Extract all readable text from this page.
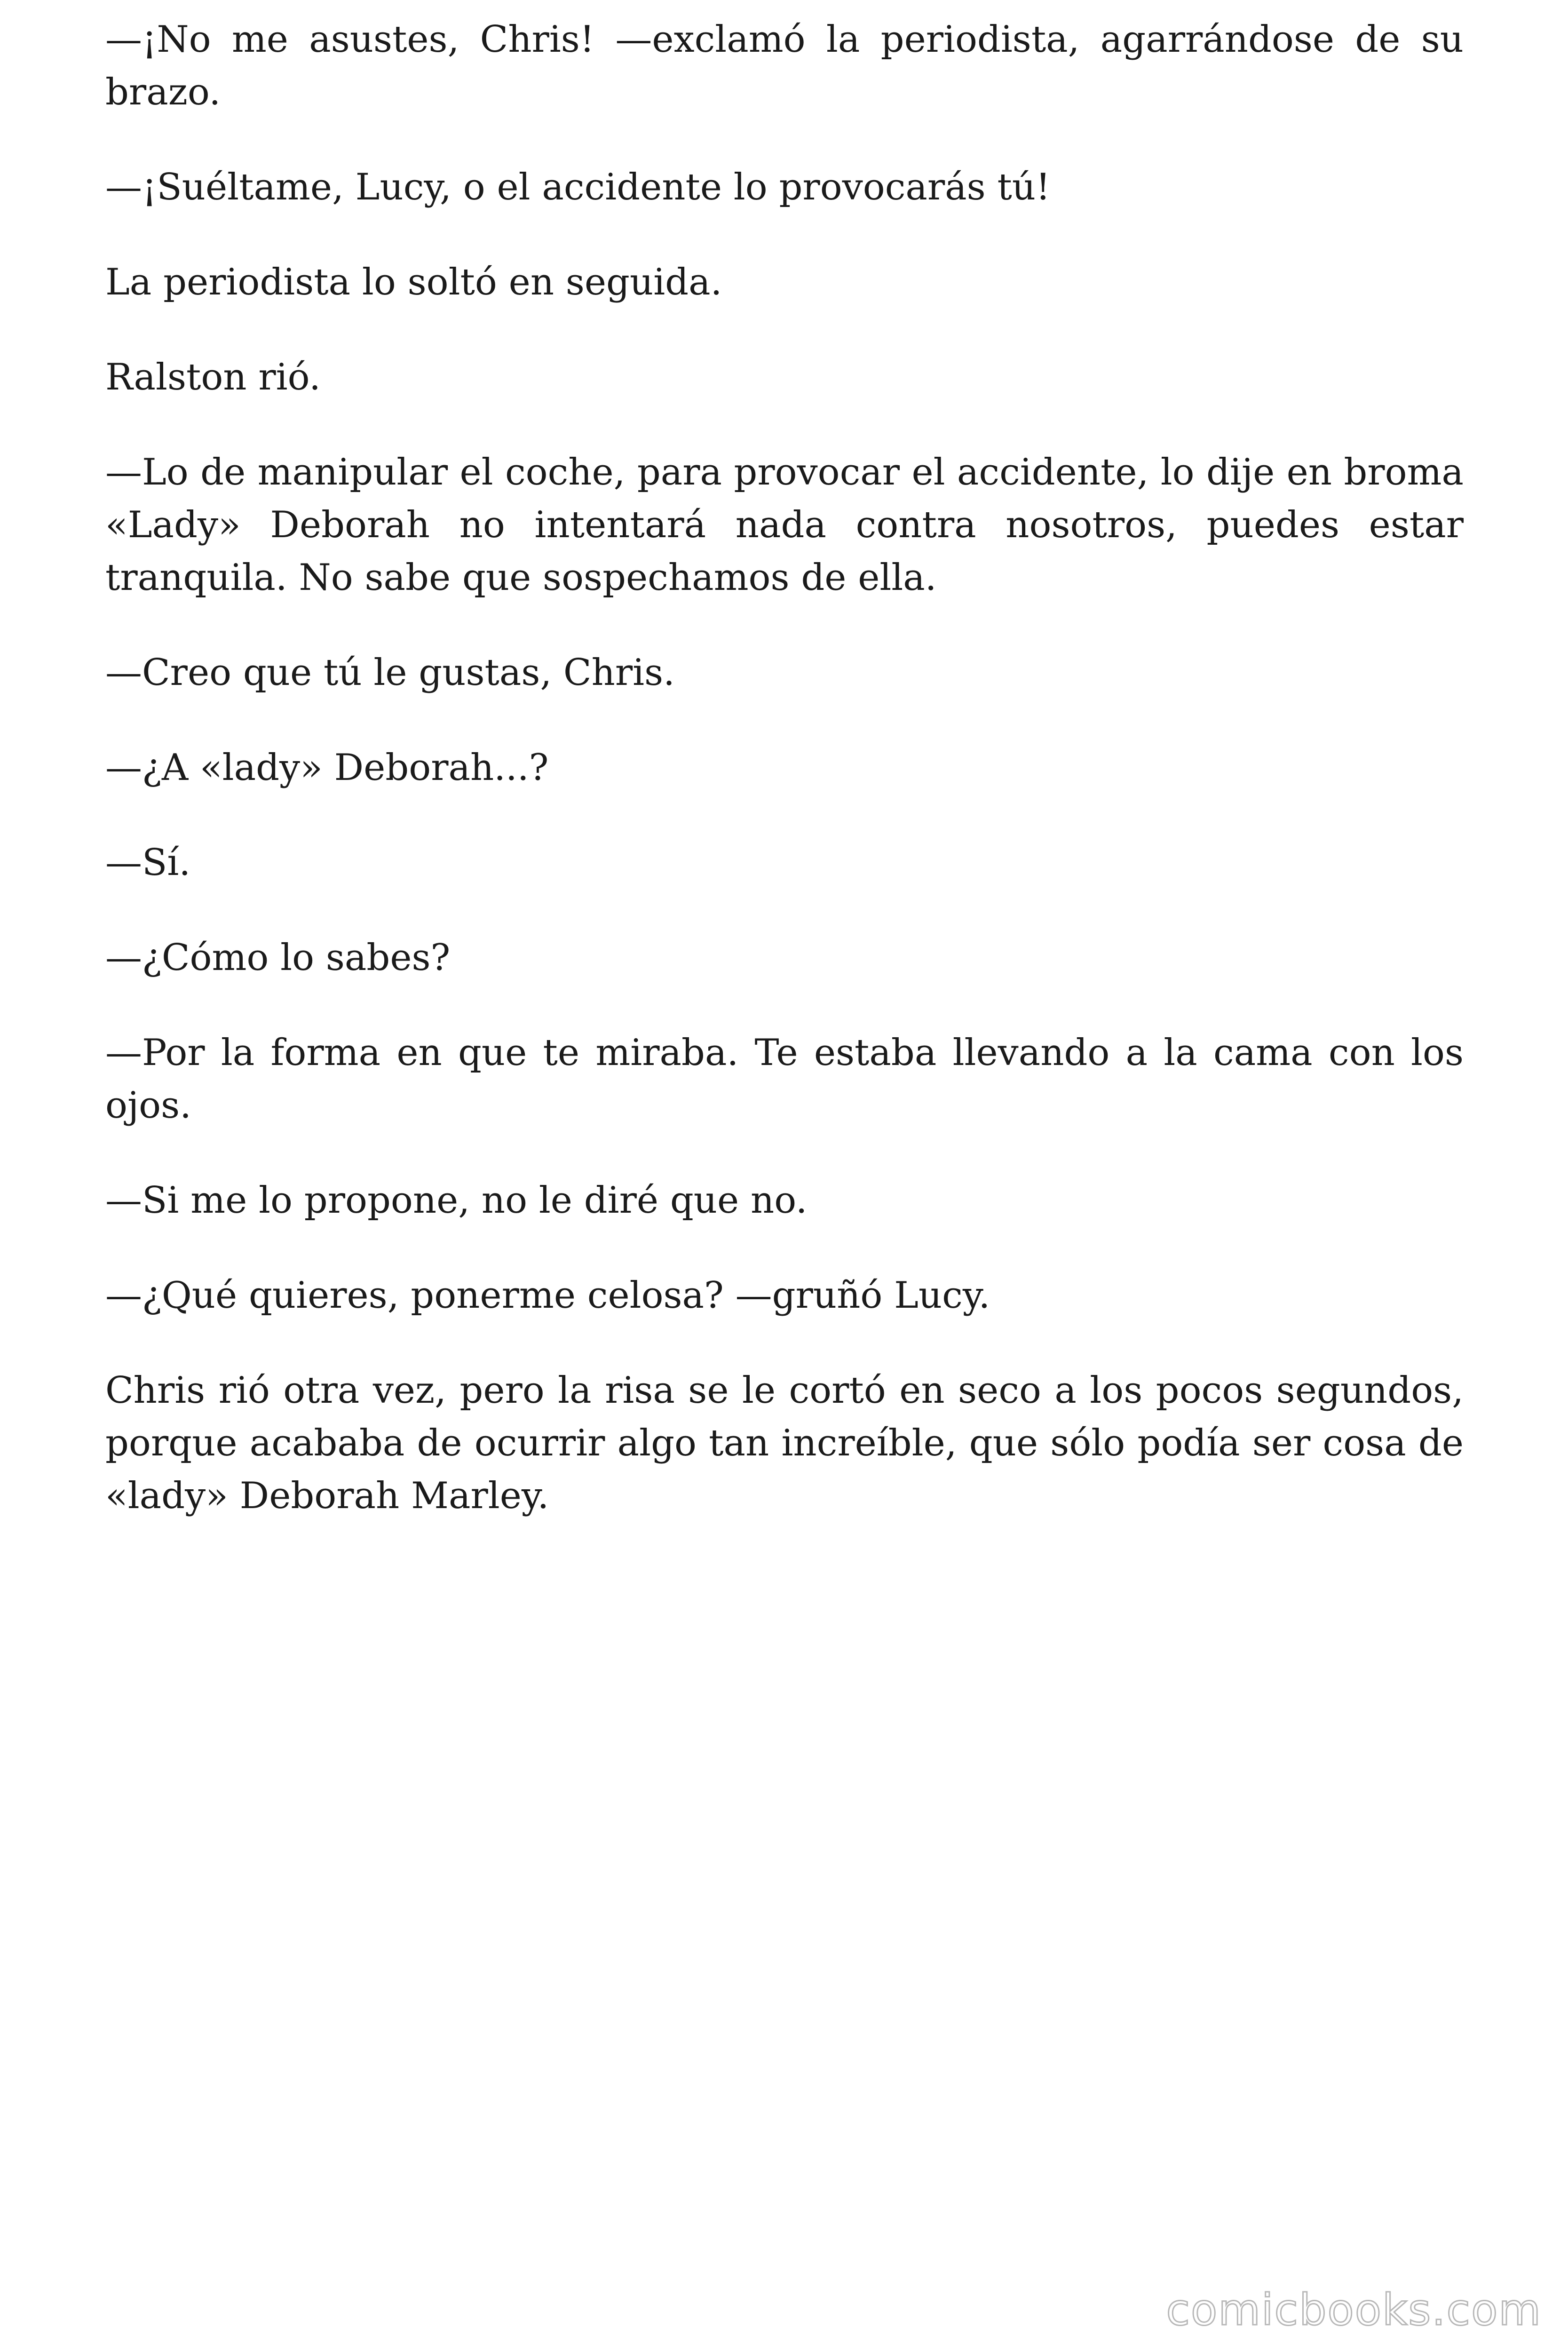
—¡No me asustes, Chris! —exclamó la periodista, agarrándose de su brazo.

—¡Suéltame, Lucy, o el accidente lo provocarás tú!

La periodista lo soltó en seguida.

Ralston rió.

—Lo de manipular el coche, para provocar el accidente, lo dije en broma «Lady» Deborah no intentará nada contra nosotros, puedes estar tranquila. No sabe que sospechamos de ella.

—Creo que tú le gustas, Chris.

—¿A «lady» Deborah...?

—Sí.

—¿Cómo lo sabes?

—Por la forma en que te miraba. Te estaba llevando a la cama con los ojos.

—Si me lo propone, no le diré que no.

—¿Qué quieres, ponerme celosa? —gruñó Lucy.

Chris rió otra vez, pero la risa se le cortó en seco a los pocos segundos, porque acababa de ocurrir algo tan increíble, que sólo podía ser cosa de «lady» Deborah Marley.

comicbooks.com
